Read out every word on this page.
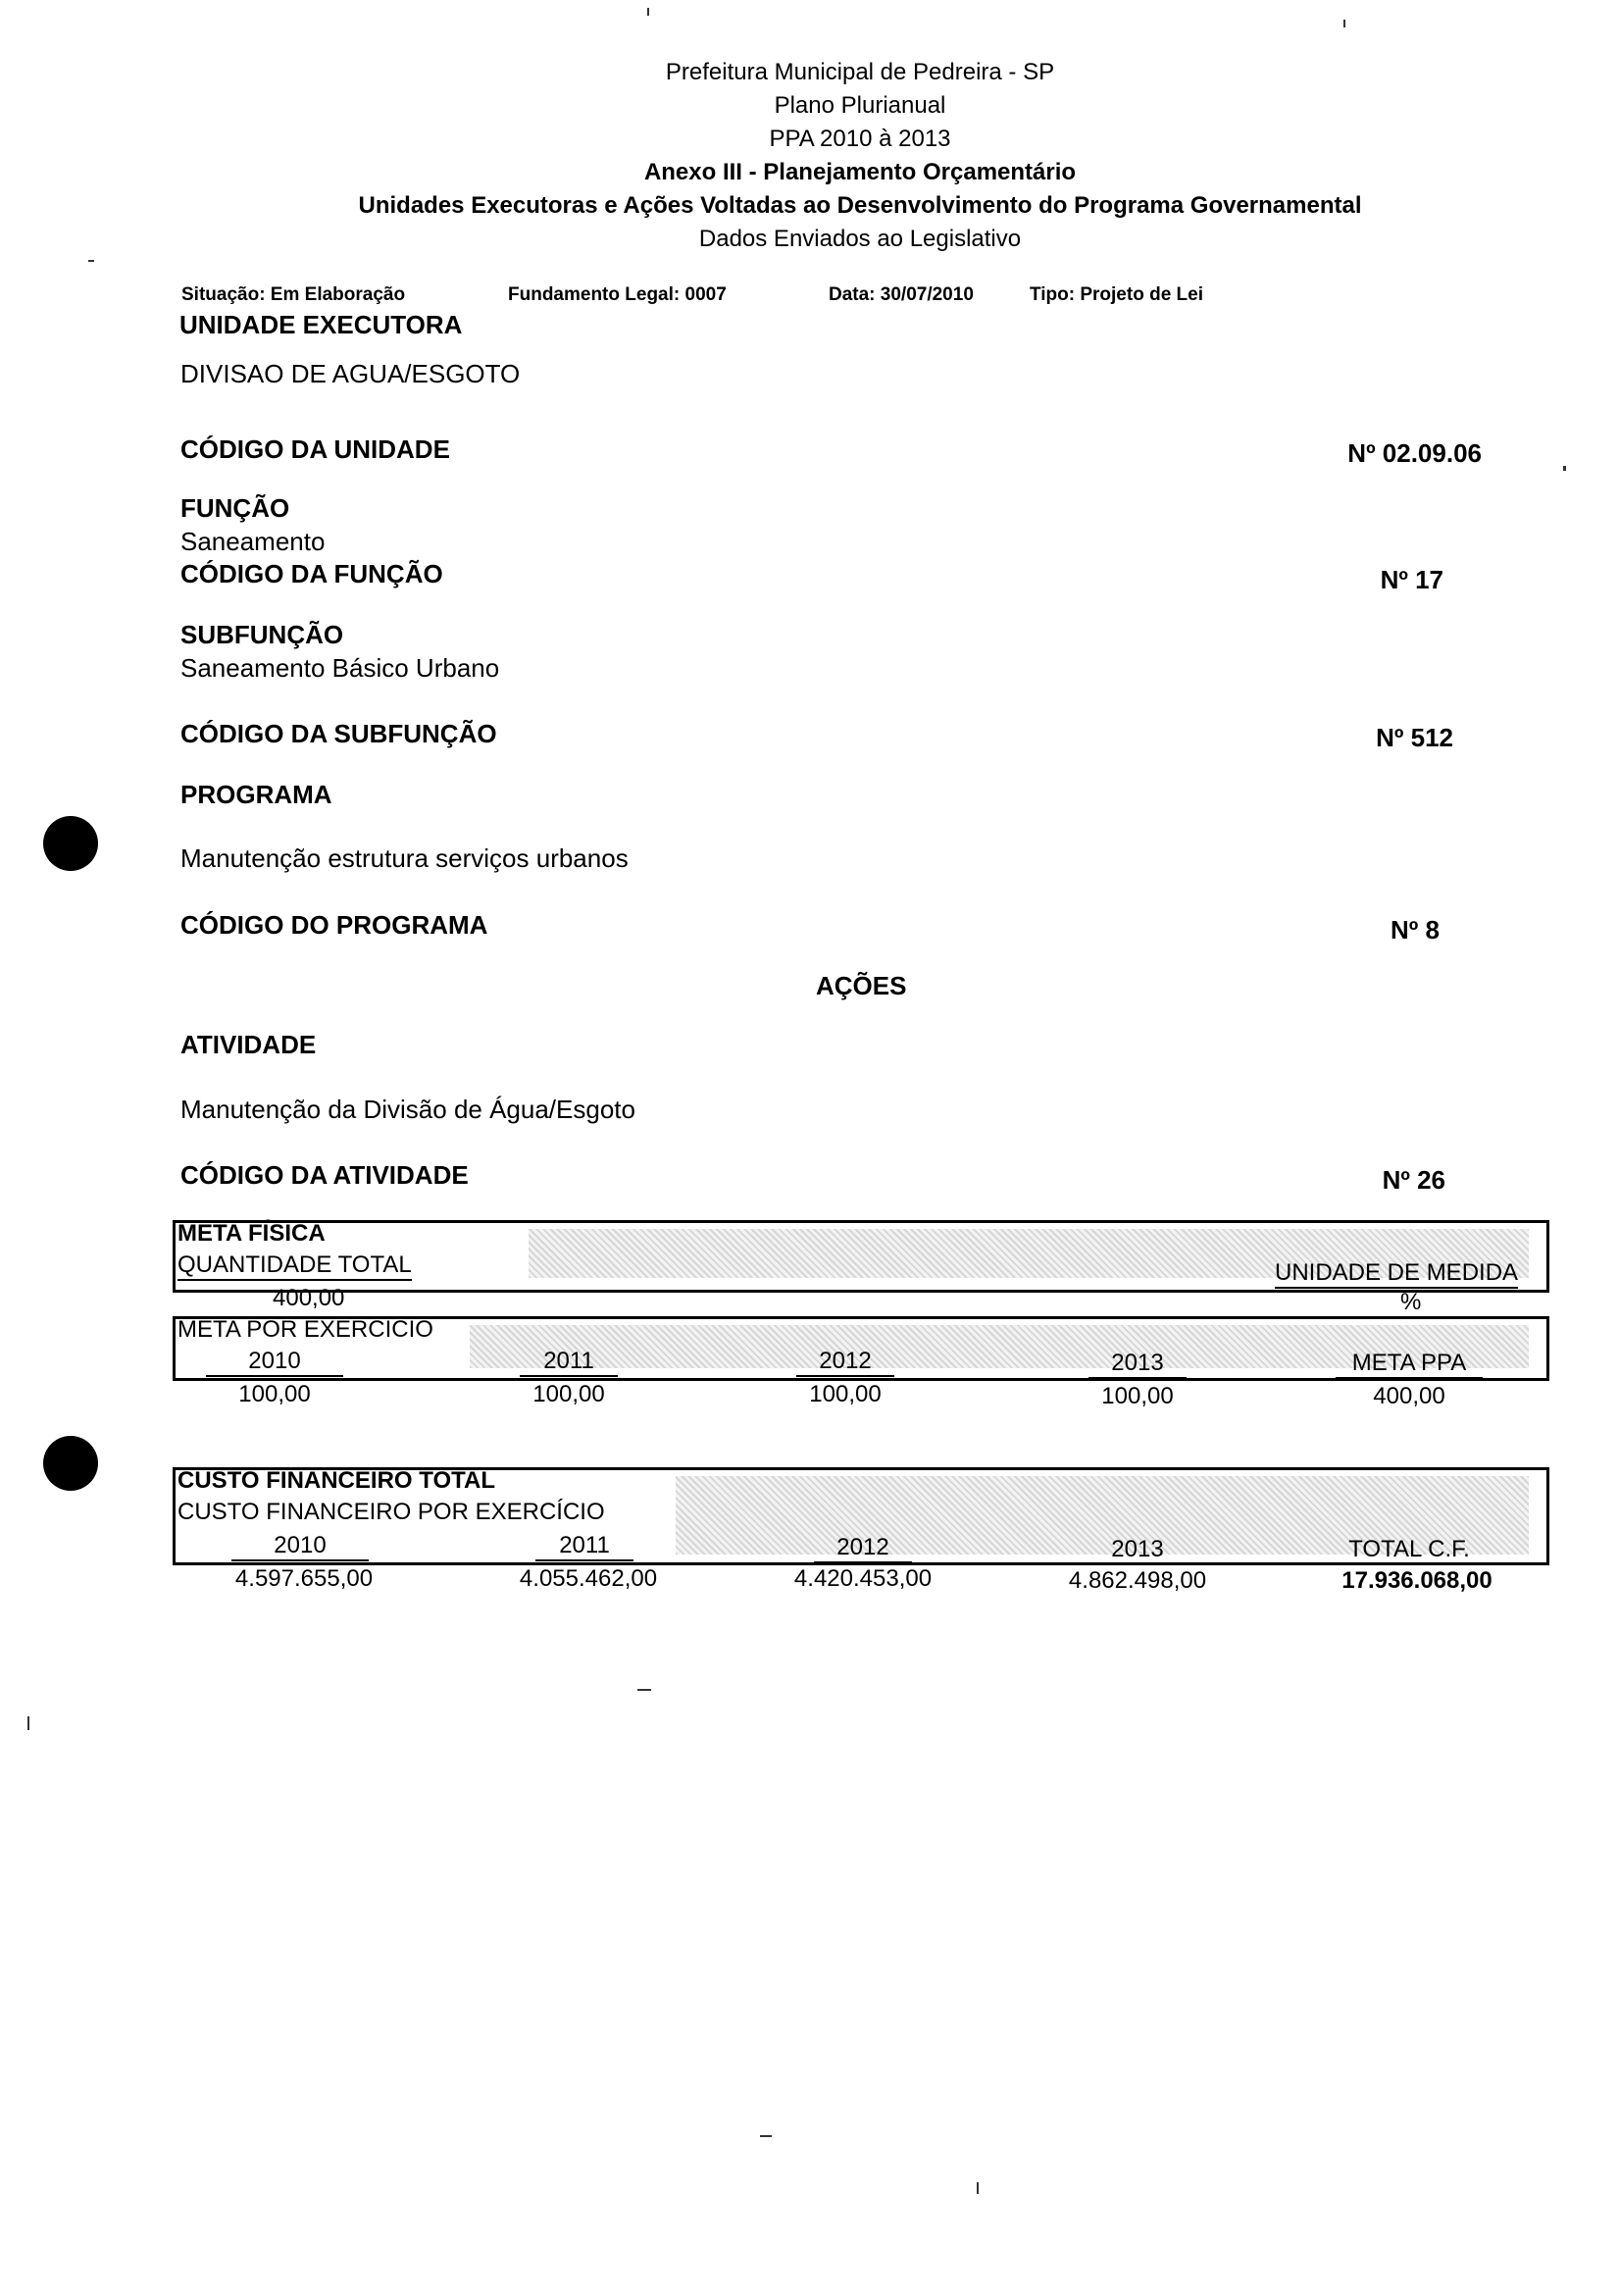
Prefeitura Municipal de Pedreira - SP
Plano Plurianual
PPA 2010 à 2013
Anexo III - Planejamento Orçamentário
Unidades Executoras e Ações Voltadas ao Desenvolvimento do Programa Governamental
Dados Enviados ao Legislativo
Situação: Em Elaboração	Fundamento Legal: 0007	Data: 30/07/2010	Tipo: Projeto de Lei
UNIDADE EXECUTORA
DIVISAO DE AGUA/ESGOTO
CÓDIGO DA UNIDADE	Nº 02.09.06
FUNÇÃO
Saneamento
CÓDIGO DA FUNÇÃO	Nº 17
SUBFUNÇÃO
Saneamento Básico Urbano
CÓDIGO DA SUBFUNÇÃO	Nº 512
PROGRAMA
Manutenção estrutura serviços urbanos
CÓDIGO DO PROGRAMA	Nº 8
AÇÕES
ATIVIDADE
Manutenção da Divisão de Água/Esgoto
CÓDIGO DA ATIVIDADE	Nº 26
META FÍSICA
QUANTIDADE TOTAL	UNIDADE DE MEDIDA
400,00	%
META POR EXERCÍCIO
2010	2011	2012	2013	META PPA
100,00	100,00	100,00	100,00	400,00
CUSTO FINANCEIRO TOTAL
CUSTO FINANCEIRO POR EXERCÍCIO
2010	2011	2012	2013	TOTAL C.F.
4.597.655,00	4.055.462,00	4.420.453,00	4.862.498,00	17.936.068,00
